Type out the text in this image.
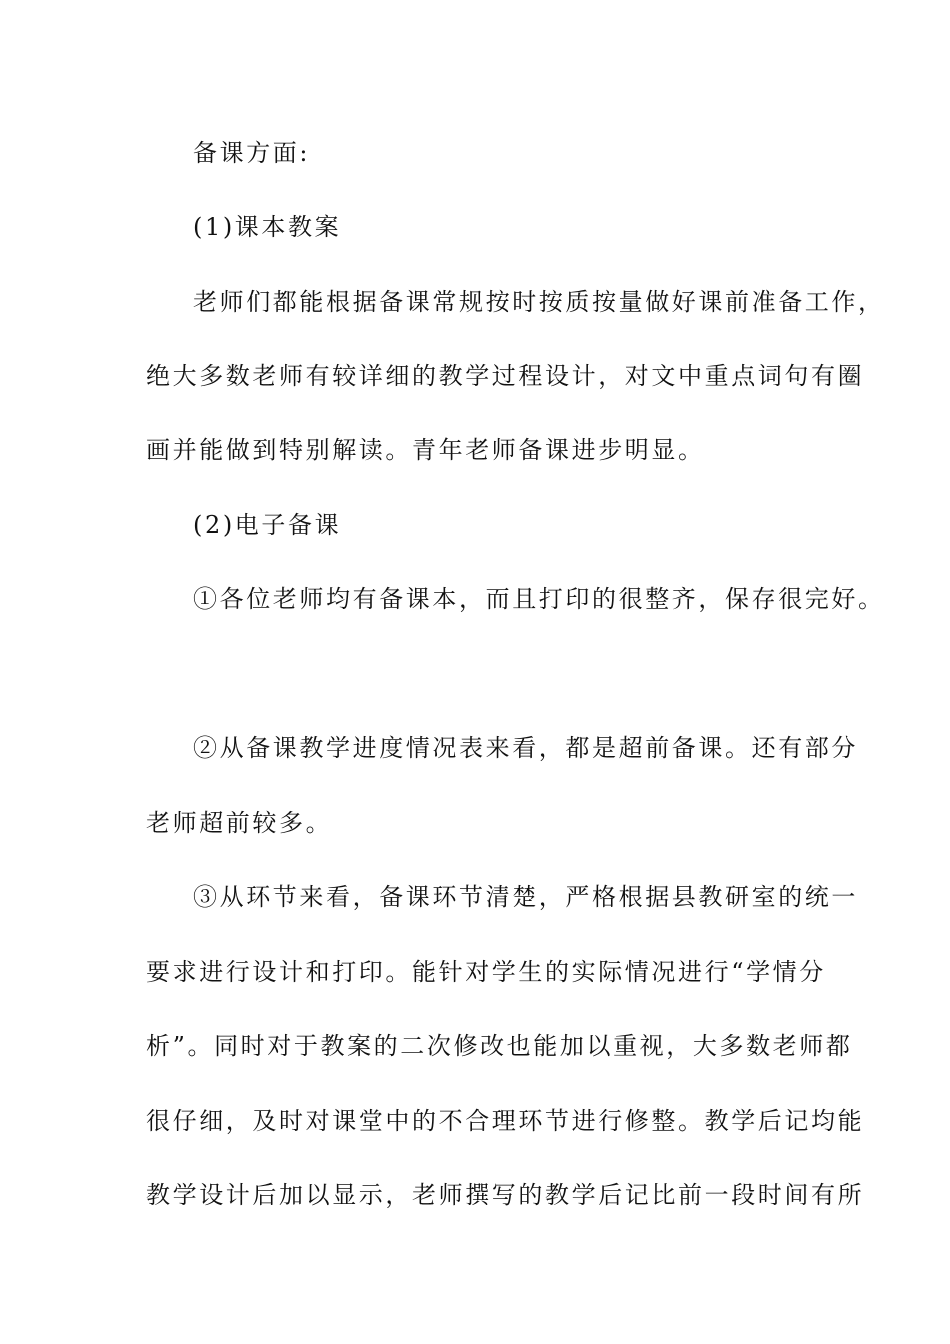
备课方面:
(1)课本教案
老师们都能根据备课常规按时按质按量做好课前准备工作，
绝大多数老师有较详细的教学过程设计，对文中重点词句有圈
画并能做到特别解读。青年老师备课进步明显。
(2)电子备课
①各位老师均有备课本，而且打印的很整齐，保存很完好。
②从备课教学进度情况表来看，都是超前备课。还有部分
老师超前较多。
③从环节来看，备课环节清楚，严格根据县教研室的统一
要求进行设计和打印。能针对学生的实际情况进行“学情分
析”。同时对于教案的二次修改也能加以重视，大多数老师都
很仔细，及时对课堂中的不合理环节进行修整。教学后记均能
教学设计后加以显示，老师撰写的教学后记比前一段时间有所
